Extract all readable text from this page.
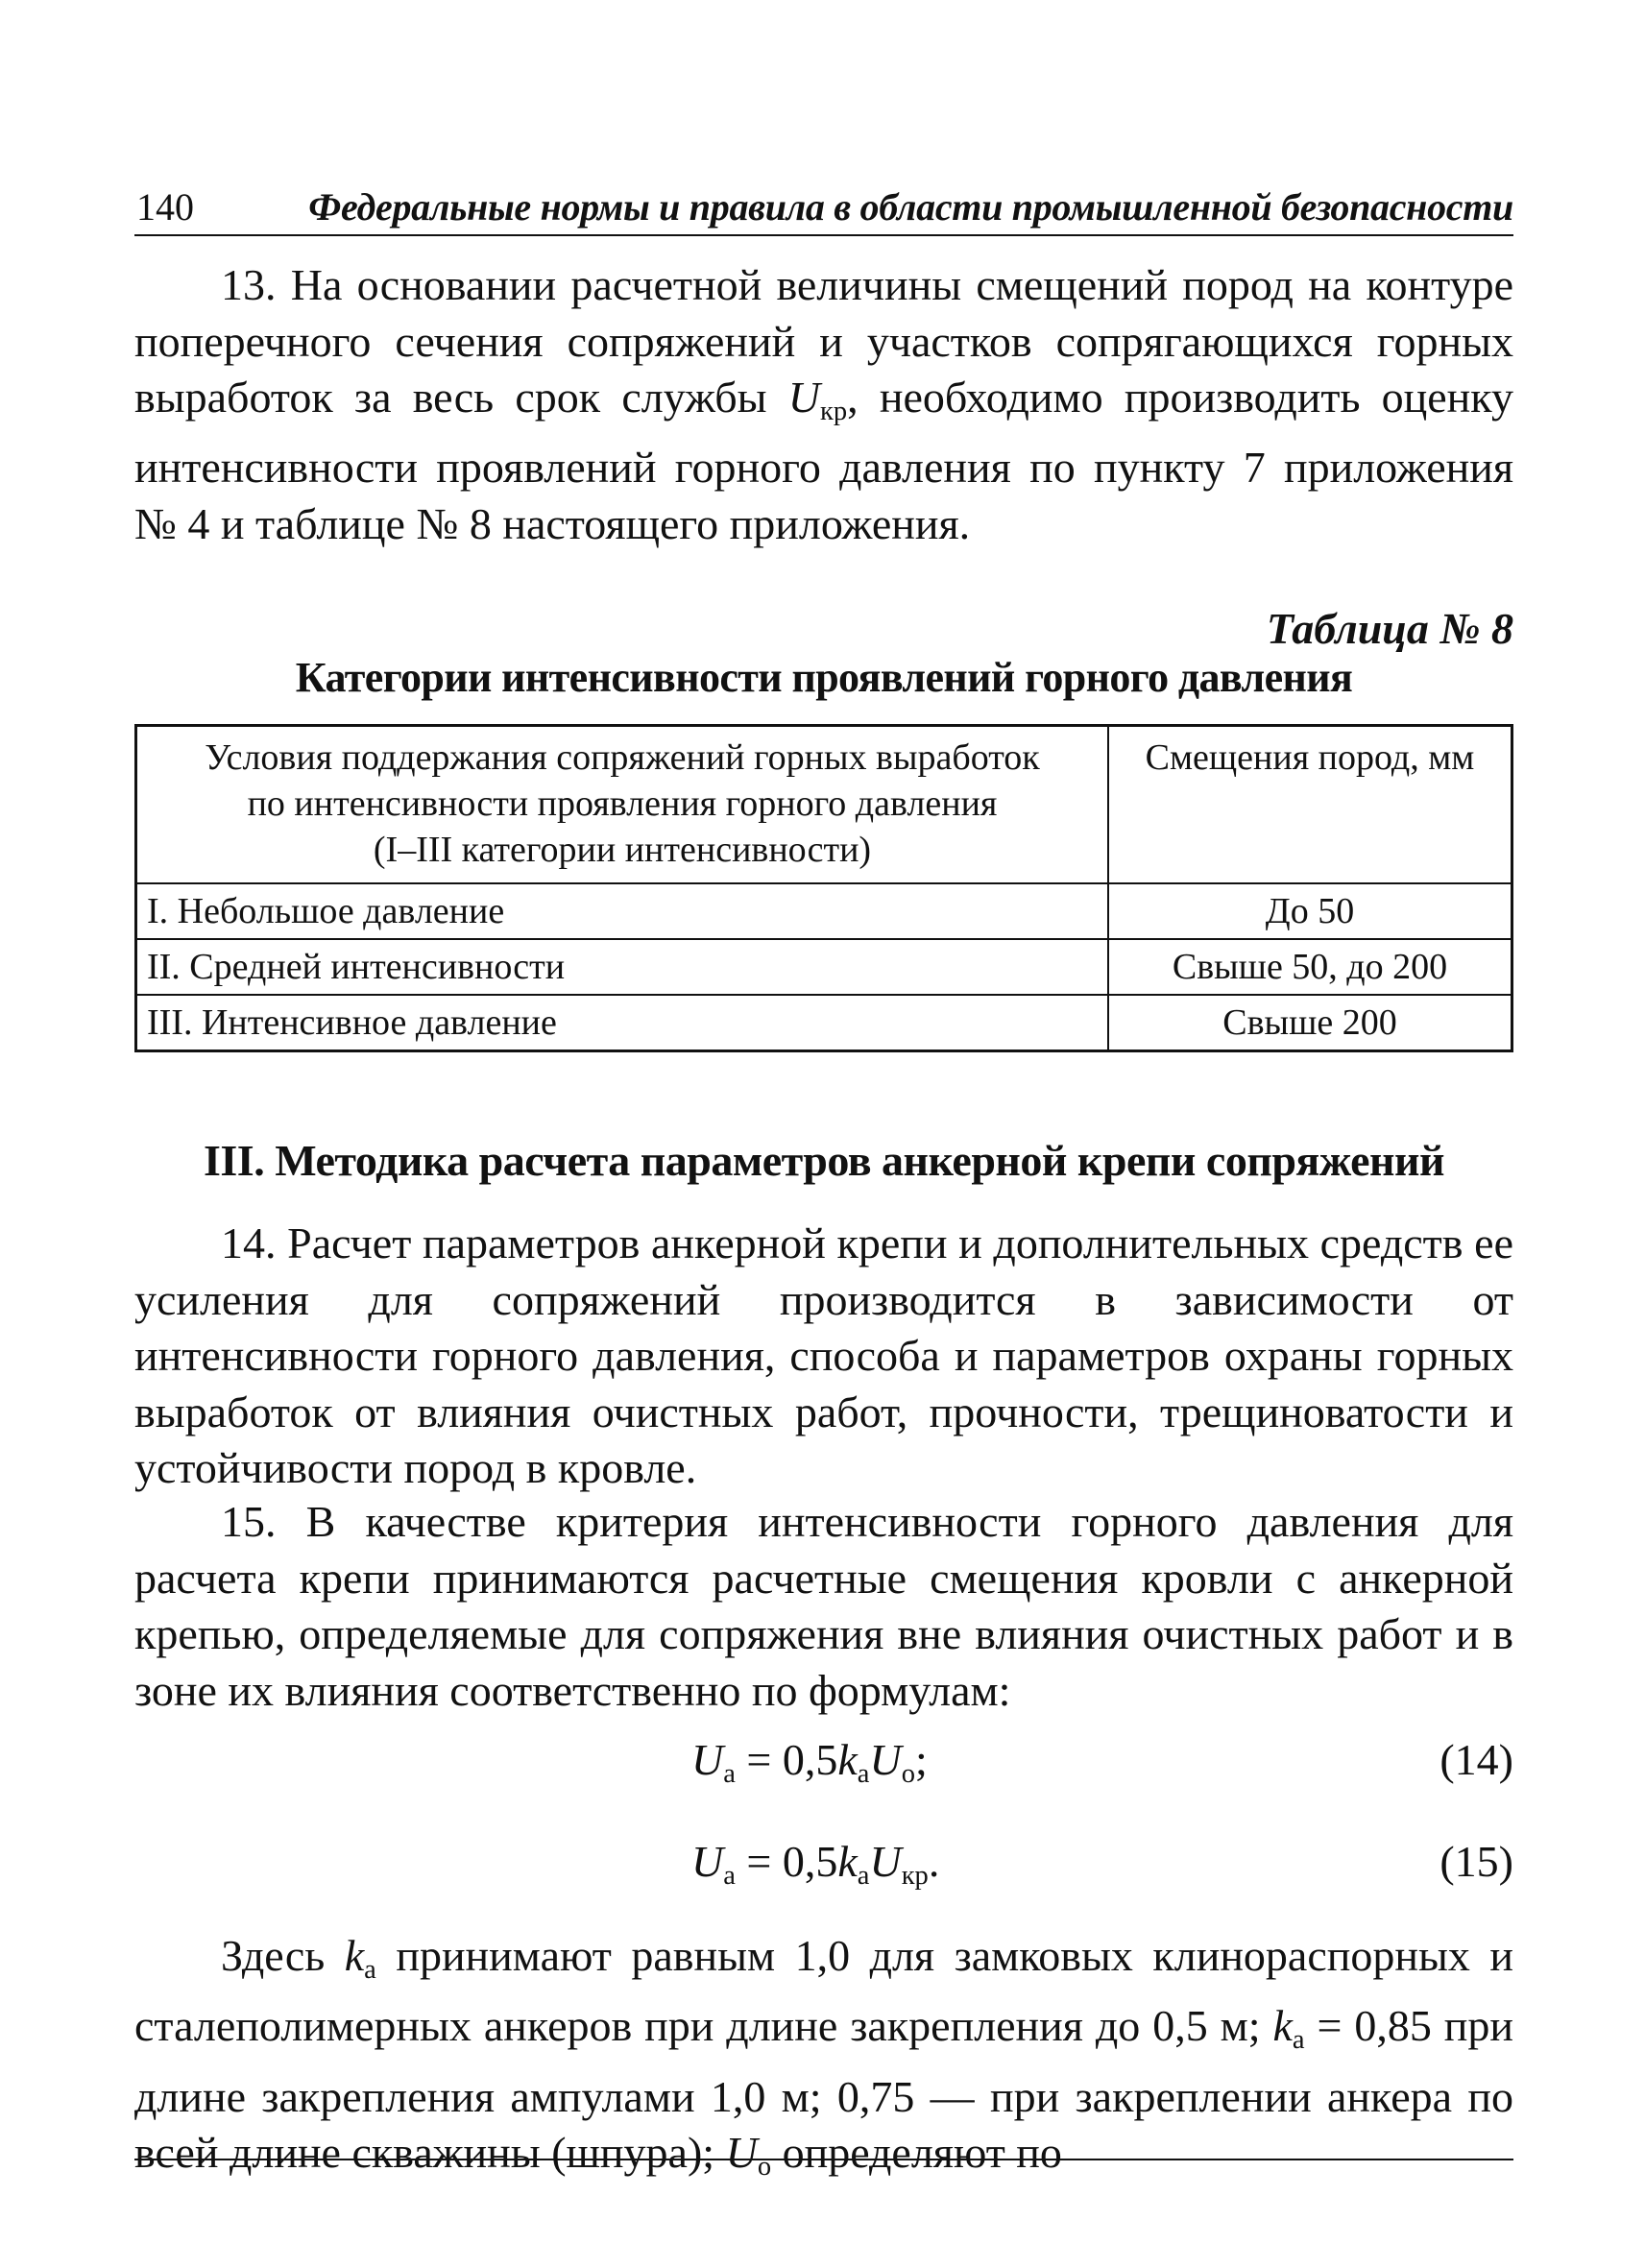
140	Федеральные нормы и правила в области промышленной безопасности

13. На основании расчетной величины смещений пород на контуре поперечного сечения сопряжений и участков сопрягающихся горных выработок за весь срок службы $U_{кр}$, необходимо производить оценку интенсивности проявлений горного давления по пункту 7 приложения № 4 и таблице № 8 настоящего приложения.

Таблица № 8
Категории интенсивности проявлений горного давления
Условия поддержания сопряжений горных выработок
по интенсивности проявления горного давления
(I–III категории интенсивности)	Смещения пород, мм
I. Небольшое давление	До 50
II. Средней интенсивности	Свыше 50, до 200
III. Интенсивное давление	Свыше 200
III. Методика расчета параметров анкерной крепи сопряжений

14. Расчет параметров анкерной крепи и дополнительных средств ее усиления для сопряжений производится в зависимости от интенсивности горного давления, способа и параметров охраны горных выработок от влияния очистных работ, прочности, трещиноватости и устойчивости пород в кровле.

15. В качестве критерия интенсивности горного давления для расчета крепи принимаются расчетные смещения кровли с анкерной крепью, определяемые для сопряжения вне влияния очистных работ и в зоне их влияния соответственно по формулам:

$U_а = 0,5k_аU_о$;	(14)
$U_а = 0,5k_аU_{кр}$.	(15)

Здесь $k_а$ принимают равным 1,0 для замковых клинораспорных и сталеполимерных анкеров при длине закрепления до 0,5 м; $k_а = 0,85$ при длине закрепления ампулами 1,0 м; 0,75 — при закреплении анкера по всей длине скважины (шпура); $U_о$ определяют по
